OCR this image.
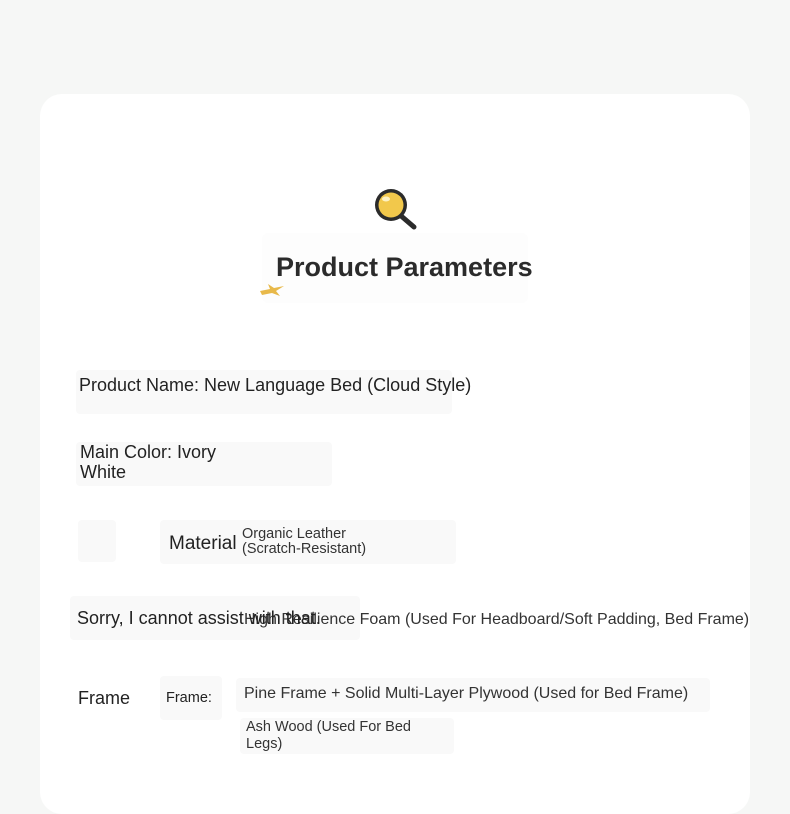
Product Parameters
Product Name: New Language Bed (Cloud Style)
Main Color: Ivory
White
Material Organic Leather
(Scratch-Resistant)
High Resilience Foam (Used For Headboard/Soft Padding, Bed Frame)
Sorry, I cannot assist with that.
Frame Frame: Pine Frame + Solid Multi-Layer Plywood (Used for Bed Frame)
Ash Wood (Used For Bed
Legs)
